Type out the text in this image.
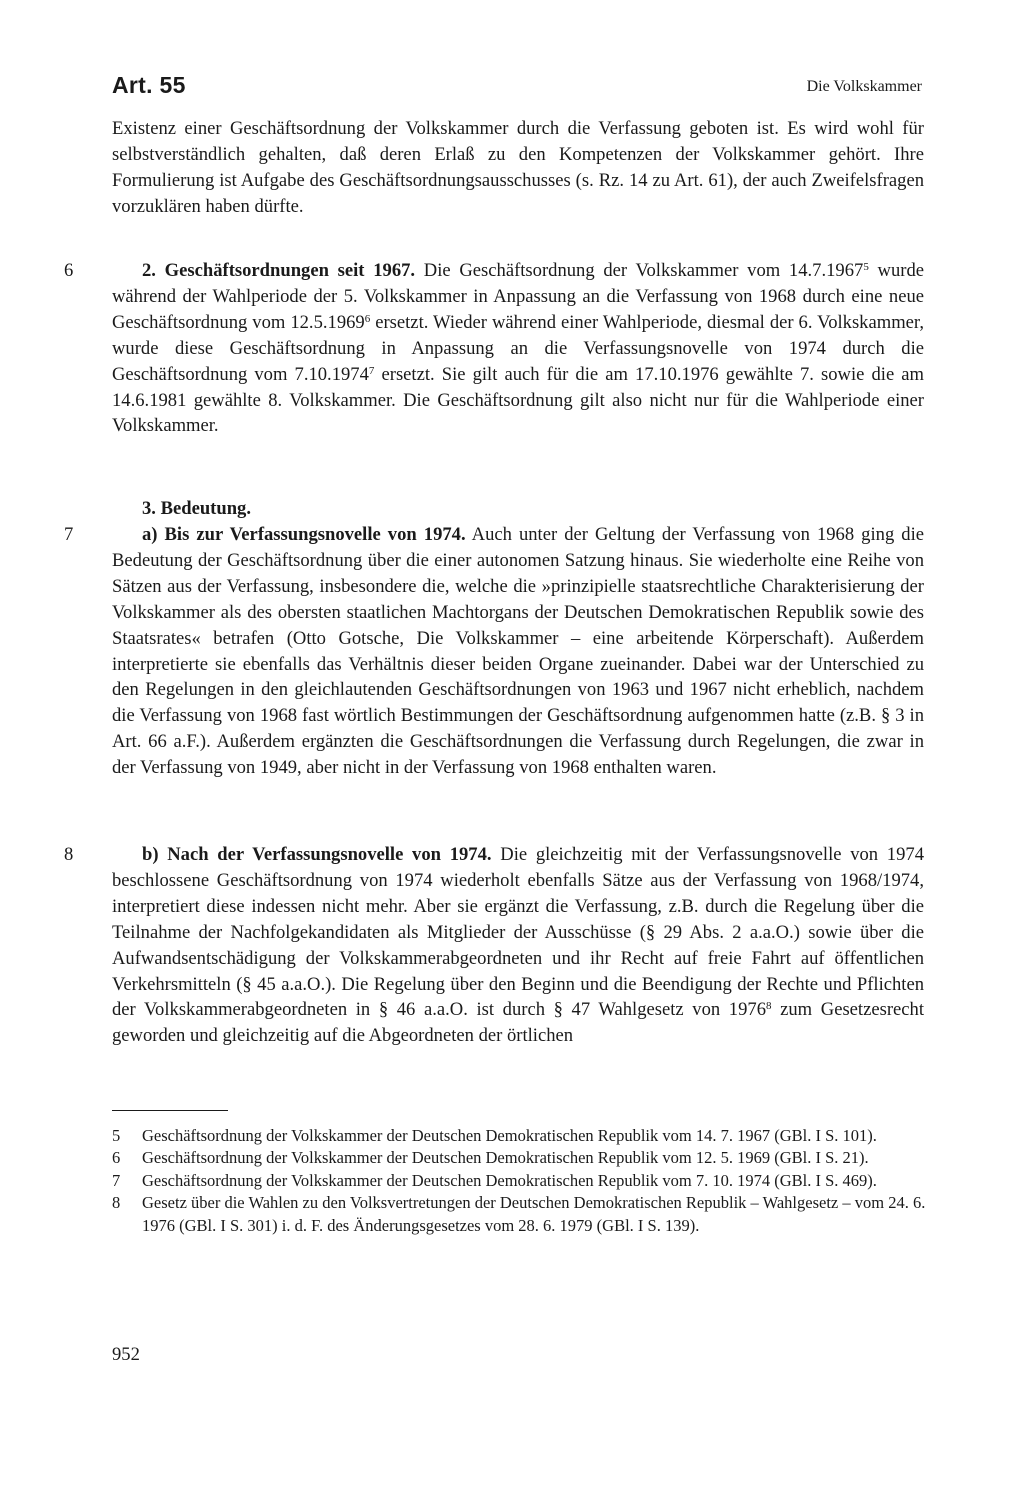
Art. 55	Die Volkskammer

Existenz einer Geschäftsordnung der Volkskammer durch die Verfassung geboten ist. Es wird wohl für selbstverständlich gehalten, daß deren Erlaß zu den Kompetenzen der Volkskammer gehört. Ihre Formulierung ist Aufgabe des Geschäftsordnungsausschusses (s. Rz. 14 zu Art. 61), der auch Zweifelsfragen vorzuklären haben dürfte.

6	2. Geschäftsordnungen seit 1967. Die Geschäftsordnung der Volkskammer vom 14.7.1967$^5$ wurde während der Wahlperiode der 5. Volkskammer in Anpassung an die Verfassung von 1968 durch eine neue Geschäftsordnung vom 12.5.1969$^6$ ersetzt. Wieder während einer Wahlperiode, diesmal der 6. Volkskammer, wurde diese Geschäftsordnung in Anpassung an die Verfassungsnovelle von 1974 durch die Geschäftsordnung vom 7.10.1974$^7$ ersetzt. Sie gilt auch für die am 17.10.1976 gewählte 7. sowie die am 14.6.1981 gewählte 8. Volkskammer. Die Geschäftsordnung gilt also nicht nur für die Wahlperiode einer Volkskammer.

3. Bedeutung.

7	a) Bis zur Verfassungsnovelle von 1974. Auch unter der Geltung der Verfassung von 1968 ging die Bedeutung der Geschäftsordnung über die einer autonomen Satzung hinaus. Sie wiederholte eine Reihe von Sätzen aus der Verfassung, insbesondere die, welche die »prinzipielle staatsrechtliche Charakterisierung der Volkskammer als des obersten staatlichen Machtorgans der Deutschen Demokratischen Republik sowie des Staatsrates« betrafen (Otto Gotsche, Die Volkskammer – eine arbeitende Körperschaft). Außerdem interpretierte sie ebenfalls das Verhältnis dieser beiden Organe zueinander. Dabei war der Unterschied zu den Regelungen in den gleichlautenden Geschäftsordnungen von 1963 und 1967 nicht erheblich, nachdem die Verfassung von 1968 fast wörtlich Bestimmungen der Geschäftsordnung aufgenommen hatte (z.B. § 3 in Art. 66 a.F.). Außerdem ergänzten die Geschäftsordnungen die Verfassung durch Regelungen, die zwar in der Verfassung von 1949, aber nicht in der Verfassung von 1968 enthalten waren.

8	b) Nach der Verfassungsnovelle von 1974. Die gleichzeitig mit der Verfassungsnovelle von 1974 beschlossene Geschäftsordnung von 1974 wiederholt ebenfalls Sätze aus der Verfassung von 1968/1974, interpretiert diese indessen nicht mehr. Aber sie ergänzt die Verfassung, z.B. durch die Regelung über die Teilnahme der Nachfolgekandidaten als Mitglieder der Ausschüsse (§ 29 Abs. 2 a.a.O.) sowie über die Aufwandsentschädigung der Volkskammerabgeordneten und ihr Recht auf freie Fahrt auf öffentlichen Verkehrsmitteln (§ 45 a.a.O.). Die Regelung über den Beginn und die Beendigung der Rechte und Pflichten der Volkskammerabgeordneten in § 46 a.a.O. ist durch § 47 Wahlgesetz von 1976$^8$ zum Gesetzesrecht geworden und gleichzeitig auf die Abgeordneten der örtlichen

5	Geschäftsordnung der Volkskammer der Deutschen Demokratischen Republik vom 14. 7. 1967 (GBl. I S. 101).
6	Geschäftsordnung der Volkskammer der Deutschen Demokratischen Republik vom 12. 5. 1969 (GBl. I S. 21).
7	Geschäftsordnung der Volkskammer der Deutschen Demokratischen Republik vom 7. 10. 1974 (GBl. I S. 469).
8	Gesetz über die Wahlen zu den Volksvertretungen der Deutschen Demokratischen Republik – Wahlgesetz – vom 24. 6. 1976 (GBl. I S. 301) i. d. F. des Änderungsgesetzes vom 28. 6. 1979 (GBl. I S. 139).
952
